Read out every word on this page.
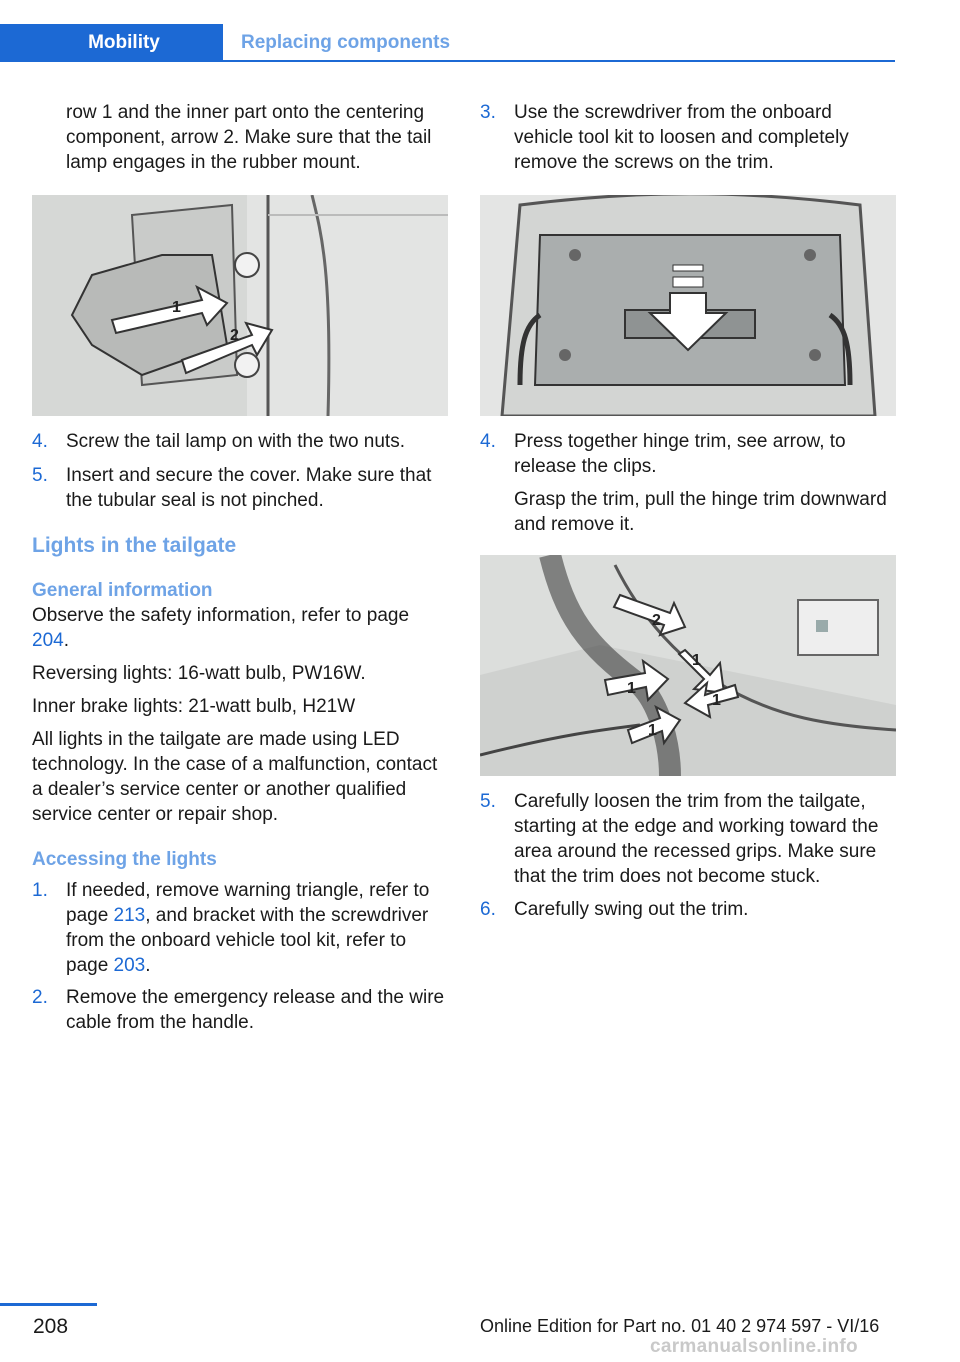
Mobility	Replacing components

row 1 and the inner part onto the centering component, arrow 2. Make sure that the tail lamp engages in the rubber mount.

1
2
4. Screw the tail lamp on with the two nuts.
5. Insert and secure the cover. Make sure that the tubular seal is not pinched.
Lights in the tailgate
General information

Observe the safety information, refer to page
204.

Reversing lights: 16-watt bulb, PW16W.

Inner brake lights: 21-watt bulb, H21W

All lights in the tailgate are made using LED technology. In the case of a malfunction, contact a dealer’s service center or another qualified service center or repair shop.

Accessing the lights
1. If needed, remove warning triangle, refer to page 213, and bracket with the screwdriver from the onboard vehicle tool kit, refer to page 203.
2. Remove the emergency release and the wire cable from the handle.
3. Use the screwdriver from the onboard vehicle tool kit to loosen and completely remove the screws on the trim.
4. Press together hinge trim, see arrow, to release the clips.

Grasp the trim, pull the hinge trim downward and remove it.

2
1
1
1
1
5. Carefully loosen the trim from the tailgate, starting at the edge and working toward the area around the recessed grips. Make sure that the trim does not become stuck.
6. Carefully swing out the trim.
208	Online Edition for Part no. 01 40 2 974 597 - VI/16
carmanualsonline.info
